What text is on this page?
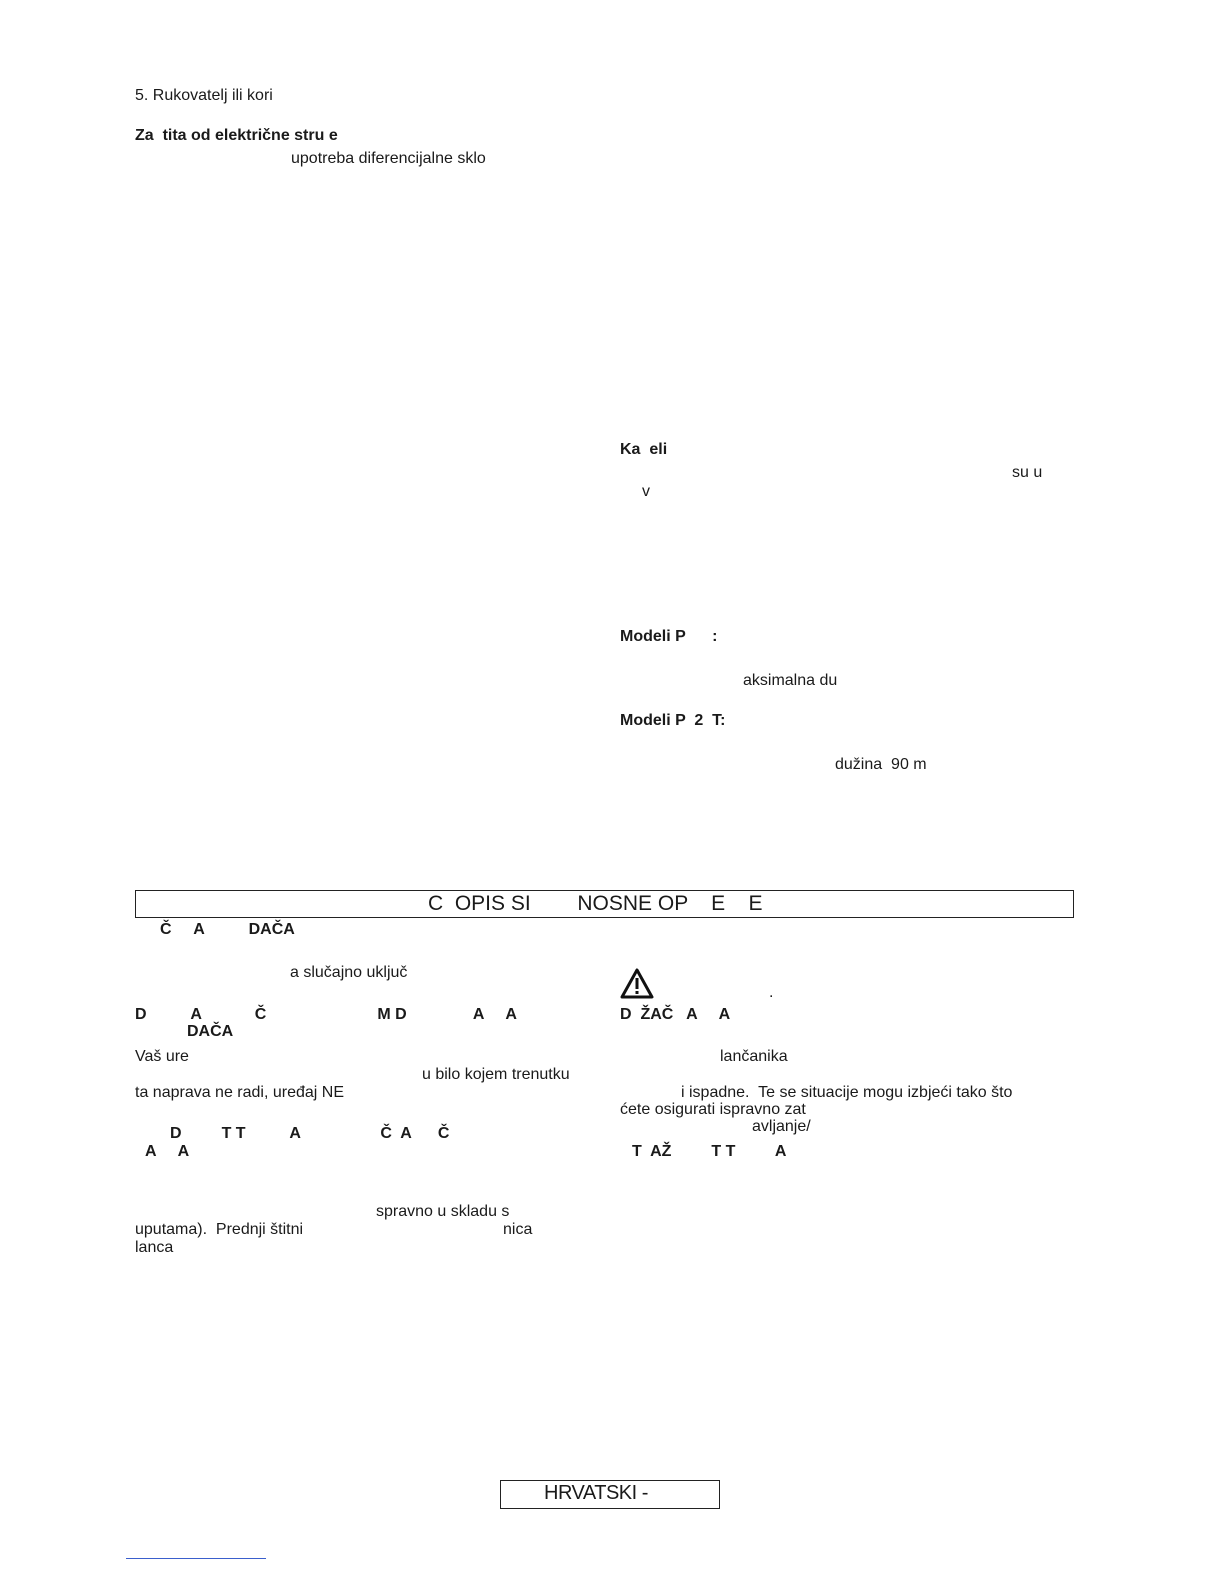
5. Rukovatelj ili kori
Za  tita od električne stru e
upotreba diferencijalne sklo
Ka  eli
su u
v
Modeli P      :
aksimalna du
Modeli P  2  T:
dužina  90 m
C  OPIS SI        NOSNE OP    E    E
Č     A          DAČA
a slučajno uključ
D          A            Č                         M D               A     A
DAČA
Vaš ure
u bilo kojem trenutku
ta naprava ne radi, uređaj NE
D         T T          A                  Č  A      Č
A     A
spravno u skladu s
uputama).  Prednji štitni	nica
lanca
.
D  ŽAČ   A     A
lančanika
i ispadne.  Te se situacije mogu izbjeći tako što
ćete osigurati ispravno zat
avljanje/
T  AŽ         T T         A
HRVATSKI -
